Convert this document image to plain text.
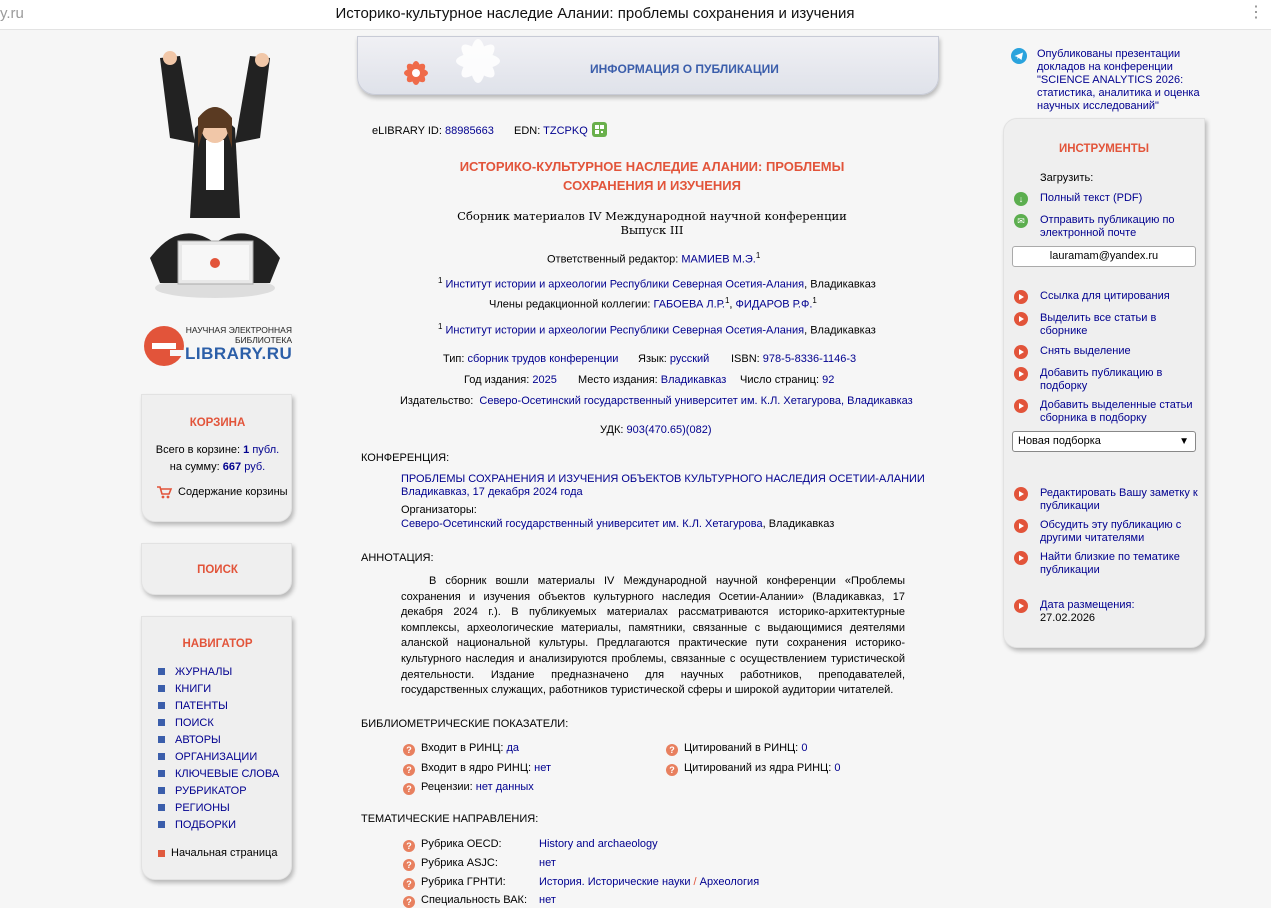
y.ru	Историко-культурное наследие Алании: проблемы сохранения и изучения	⋮
НАУЧНАЯ ЭЛЕКТРОННАЯ
БИБЛИОТЕКА
LIBRARY.RU
КОРЗИНА
Всего в корзине: 1 публ.
на сумму: 667 руб.
Содержание корзины
ПОИСК
НАВИГАТОР
ЖУРНАЛЫ
КНИГИ
ПАТЕНТЫ
ПОИСК
АВТОРЫ
ОРГАНИЗАЦИИ
КЛЮЧЕВЫЕ СЛОВА
РУБРИКАТОР
РЕГИОНЫ
ПОДБОРКИ
Начальная страница
ИНФОРМАЦИЯ О ПУБЛИКАЦИИ
eLIBRARY ID: 88985663 EDN: TZCPKQ
ИСТОРИКО-КУЛЬТУРНОЕ НАСЛЕДИЕ АЛАНИИ: ПРОБЛЕМЫ
СОХРАНЕНИЯ И ИЗУЧЕНИЯ
Сборник материалов IV Международной научной конференции
Выпуск III
Ответственный редактор: МАМИЕВ М.Э.$^1$
$^1$ Институт истории и археологии Республики Северная Осетия-Алания, Владикавказ
Члены редакционной коллегии: ГАБОЕВА Л.Р.$^1$, ФИДАРОВ Р.Ф.$^1$
$^1$ Институт истории и археологии Республики Северная Осетия-Алания, Владикавказ
Тип: сборник трудов конференции Язык: русский ISBN: 978-5-8336-1146-3
Год издания: 2025 Место издания: Владикавказ Число страниц: 92
Издательство: Северо-Осетинский государственный университет им. К.Л. Хетагурова, Владикавказ
УДК: 903(470.65)(082)
КОНФЕРЕНЦИЯ:
ПРОБЛЕМЫ СОХРАНЕНИЯ И ИЗУЧЕНИЯ ОБЪЕКТОВ КУЛЬТУРНОГО НАСЛЕДИЯ ОСЕТИИ-АЛАНИИ
Владикавказ, 17 декабря 2024 года
Организаторы:
Северо-Осетинский государственный университет им. К.Л. Хетагурова, Владикавказ
АННОТАЦИЯ:
В сборник вошли материалы IV Международной научной конференции «Проблемы сохранения и изучения объектов культурного наследия Осетии-Алании» (Владикавказ, 17 декабря 2024 г.). В публикуемых материалах рассматриваются историко-архитектурные комплексы, археологические материалы, памятники, связанные с выдающимися деятелями аланской национальной культуры. Предлагаются практические пути сохранения историко-культурного наследия и анализируются проблемы, связанные с осуществлением туристической деятельности. Издание предназначено для научных работников, преподавателей, государственных служащих, работников туристической сферы и широкой аудитории читателей.
БИБЛИОМЕТРИЧЕСКИЕ ПОКАЗАТЕЛИ:
? Входит в РИНЦ: да
? Входит в ядро РИНЦ: нет
? Рецензии: нет данных
? Цитирований в РИНЦ: 0
? Цитирований из ядра РИНЦ: 0
ТЕМАТИЧЕСКИЕ НАПРАВЛЕНИЯ:
? Рубрика OECD:	History and archaeology
? Рубрика ASJC:	нет
? Рубрика ГРНТИ:	История. Исторические науки / Археология
? Специальность ВАК: нет
Опубликованы презентации докладов на конференции "SCIENCE ANALYTICS 2026: статистика, аналитика и оценка научных исследований"
ИНСТРУМЕНТЫ
Загрузить:
↓	Полный текст (PDF)
✉ Отправить публикацию по электронной почте
lauramam@yandex.ru
Ссылка для цитирования
Выделить все статьи в сборнике
Снять выделение
Добавить публикацию в подборку
Добавить выделенные статьи сборника в подборку
Новая подборка	▼
Редактировать Вашу заметку к публикации
Обсудить эту публикацию с другими читателями
Найти близкие по тематике публикации
Дата размещения:
27.02.2026
